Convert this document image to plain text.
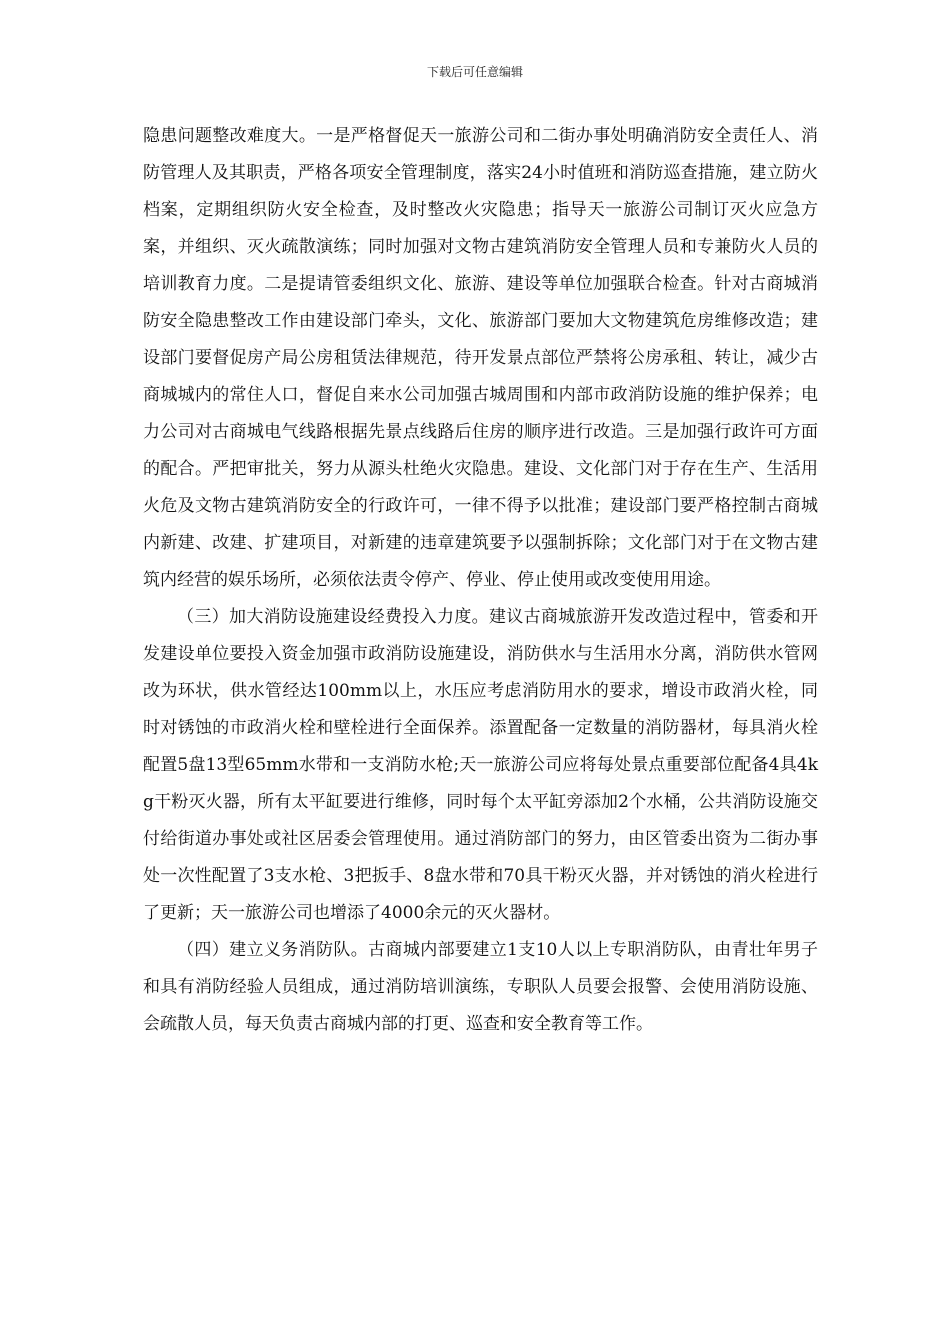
下载后可任意编辑

隐患问题整改难度大。一是严格督促天一旅游公司和二街办事处明确消防安全责任人、消防管理人及其职责，严格各项安全管理制度，落实24小时值班和消防巡查措施，建立防火档案，定期组织防火安全检查，及时整改火灾隐患；指导天一旅游公司制订灭火应急方案，并组织、灭火疏散演练；同时加强对文物古建筑消防安全管理人员和专兼防火人员的培训教育力度。二是提请管委组织文化、旅游、建设等单位加强联合检查。针对古商城消防安全隐患整改工作由建设部门牵头，文化、旅游部门要加大文物建筑危房维修改造；建设部门要督促房产局公房租赁法律规范，待开发景点部位严禁将公房承租、转让，减少古商城城内的常住人口，督促自来水公司加强古城周围和内部市政消防设施的维护保养；电力公司对古商城电气线路根据先景点线路后住房的顺序进行改造。三是加强行政许可方面的配合。严把审批关，努力从源头杜绝火灾隐患。建设、文化部门对于存在生产、生活用火危及文物古建筑消防安全的行政许可，一律不得予以批准；建设部门要严格控制古商城内新建、改建、扩建项目，对新建的违章建筑要予以强制拆除；文化部门对于在文物古建筑内经营的娱乐场所，必须依法责令停产、停业、停止使用或改变使用用途。

（三）加大消防设施建设经费投入力度。建议古商城旅游开发改造过程中，管委和开发建设单位要投入资金加强市政消防设施建设，消防供水与生活用水分离，消防供水管网改为环状，供水管经达100mm以上，水压应考虑消防用水的要求，增设市政消火栓，同时对锈蚀的市政消火栓和壁栓进行全面保养。添置配备一定数量的消防器材，每具消火栓配置5盘13型65mm水带和一支消防水枪;天一旅游公司应将每处景点重要部位配备4具4kg干粉灭火器，所有太平缸要进行维修，同时每个太平缸旁添加2个水桶，公共消防设施交付给街道办事处或社区居委会管理使用。通过消防部门的努力，由区管委出资为二街办事处一次性配置了3支水枪、3把扳手、8盘水带和70具干粉灭火器，并对锈蚀的消火栓进行了更新；天一旅游公司也增添了4000余元的灭火器材。

（四）建立义务消防队。古商城内部要建立1支10人以上专职消防队，由青壮年男子和具有消防经验人员组成，通过消防培训演练，专职队人员要会报警、会使用消防设施、会疏散人员，每天负责古商城内部的打更、巡查和安全教育等工作。
